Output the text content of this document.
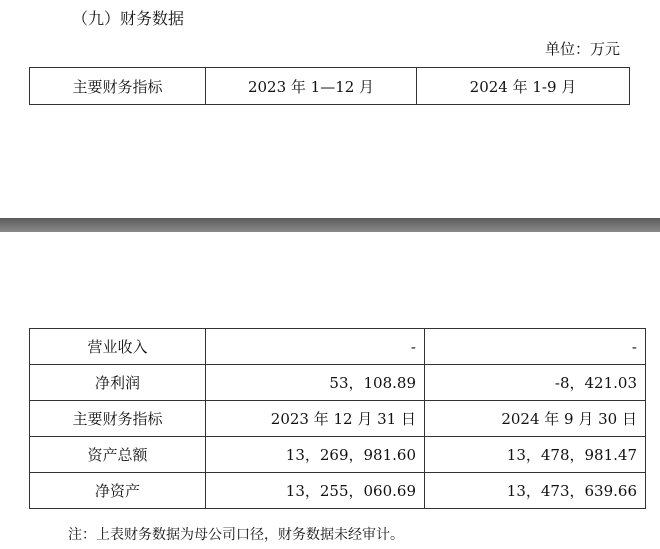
（九）财务数据
单位：万元
主要财务指标	2023 年 1—12 月	2024 年 1-9 月
营业收入	-	-
净利润	53，108.89	-8，421.03
主要财务指标	2023 年 12 月 31 日	2024 年 9 月 30 日
资产总额	13，269，981.60	13，478，981.47
净资产	13，255，060.69	13，473，639.66
注：上表财务数据为母公司口径，财务数据未经审计。
